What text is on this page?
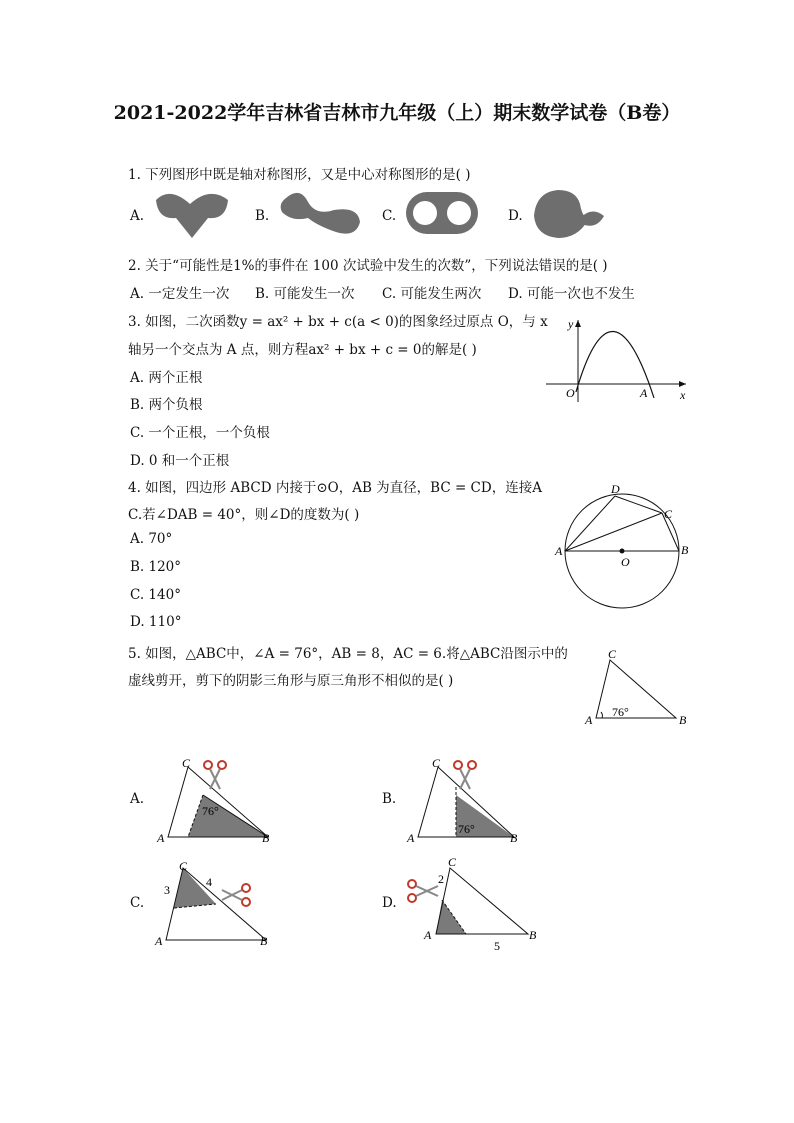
2021-2022学年吉林省吉林市九年级（上）期末数学试卷（B卷）
1. 下列图形中既是轴对称图形，又是中心对称图形的是( )
A.	B.	C.	D.
2. 关于“可能性是1%的事件在 100 次试验中发生的次数”，下列说法错误的是( )
A. 一定发生一次 B. 可能发生一次 C. 可能发生两次 D. 可能一次也不发生
3. 如图，二次函数y = ax² + bx + c(a < 0)的图象经过原点 O，与 x
轴另一个交点为 A 点，则方程ax² + bx + c = 0的解是( )
A. 两个正根
B. 两个负根
C. 一个正根，一个负根
D. 0 和一个正根
y
x
O	A
4. 如图，四边形 ABCD 内接于⊙O，AB 为直径，BC = CD，连接A
C.若∠DAB = 40°，则∠D的度数为( )
A. 70°
B. 120°
C. 140°
D. 110°
A	B
C
D
O
5. 如图，△ABC中，∠A = 76°，AB = 8，AC = 6.将△ABC沿图示中的
虚线剪开，剪下的阴影三角形与原三角形不相似的是( )
A	B
C
76°
A.	B.
C.	D.
A	B
C
76°
A	B
C
76°
A	B
C
3
4
A	B
C
2
5
